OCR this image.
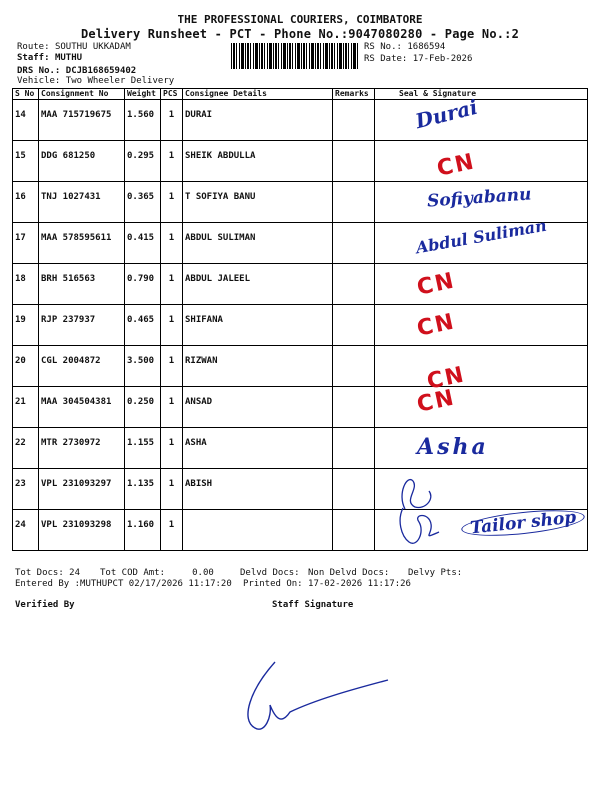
THE PROFESSIONAL COURIERS, COIMBATORE
Delivery Runsheet - PCT - Phone No.:9047080280 - Page No.:2
Route: SOUTHU UKKADAM
Staff: MUTHU
DRS No.: DCJB168659402
Vehicle: Two Wheeler Delivery
RS No.: 1686594
RS Date: 17-Feb-2026
S No	Consignment No	Weight	PCS	Consignee Details	Remarks	Seal & Signature
14	MAA 715719675	1.560	1	DURAI		Durai

15	DDG 681250	0.295	1	SHEIK ABDULLA		CN

16	TNJ 1027431	0.365	1	T SOFIYA BANU		Sofiyabanu

17	MAA 578595611	0.415	1	ABDUL SULIMAN		Abdul Suliman

18	BRH 516563	0.790	1	ABDUL JALEEL		CN

19	RJP 237937	0.465	1	SHIFANA		CN

20	CGL 2004872	3.500	1	RIZWAN		CN

21	MAA 304504381	0.250	1	ANSAD		CN

22	MTR 2730972	1.155	1	ASHA		Asha

23	VPL 231093297	1.135	1	ABISH		

24	VPL 231093298	1.160	1			Tailor shop
Tot Docs: 24 Tot COD Amt:     0.00	Delvd Docs: Non Delvd Docs: Delvy Pts:
Entered By :MUTHUPCT 02/17/2026 11:17:20 Printed On: 17-02-2026 11:17:26
Verified By	Staff Signature
